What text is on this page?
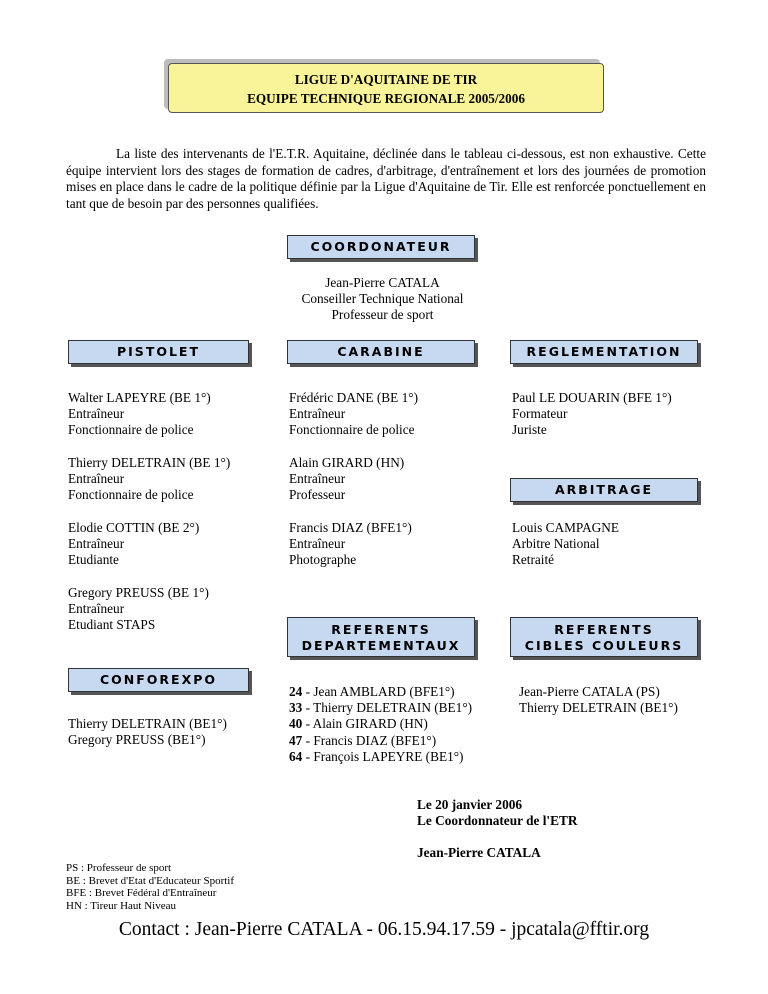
LIGUE D'AQUITAINE DE TIR
EQUIPE TECHNIQUE REGIONALE 2005/2006
La liste des intervenants de l'E.T.R. Aquitaine, déclinée dans le tableau ci-dessous, est non exhaustive. Cette équipe intervient lors des stages de formation de cadres, d'arbitrage, d'entraînement et lors des journées de promotion mises en place dans le cadre de la politique définie par la Ligue d'Aquitaine de Tir. Elle est renforcée ponctuellement en tant que de besoin par des personnes qualifiées.
COORDONATEUR
Jean-Pierre CATALA
Conseiller Technique National
Professeur de sport
PISTOLET	CARABINE	REGLEMENTATION
Walter LAPEYRE (BE 1°)
Entraîneur
Fonctionnaire de police
Thierry DELETRAIN (BE 1°)
Entraîneur
Fonctionnaire de police
Elodie COTTIN (BE 2°)
Entraîneur
Etudiante
Gregory PREUSS (BE 1°)
Entraîneur
Etudiant STAPS
Frédéric DANE (BE 1°)
Entraîneur
Fonctionnaire de police
Alain GIRARD (HN)
Entraîneur
Professeur
Francis DIAZ (BFE1°)
Entraîneur
Photographe
Paul LE DOUARIN (BFE 1°)
Formateur
Juriste
ARBITRAGE
Louis CAMPAGNE
Arbitre National
Retraité
REFERENTS
DEPARTEMENTAUX
REFERENTS
CIBLES COULEURS
CONFOREXPO
Thierry DELETRAIN (BE1°)
Gregory PREUSS (BE1°)
24 - Jean AMBLARD (BFE1°)
33 - Thierry DELETRAIN (BE1°)
40 - Alain GIRARD (HN)
47 - Francis DIAZ (BFE1°)
64 - François LAPEYRE (BE1°)
Jean-Pierre CATALA (PS)
Thierry DELETRAIN (BE1°)
Le 20 janvier 2006
Le Coordonnateur de l'ETR
Jean-Pierre CATALA
PS : Professeur de sport
BE : Brevet d'Etat d'Educateur Sportif
BFE : Brevet Fédéral d'Entraîneur
HN : Tireur Haut Niveau
Contact : Jean-Pierre CATALA - 06.15.94.17.59 - jpcatala@fftir.org
